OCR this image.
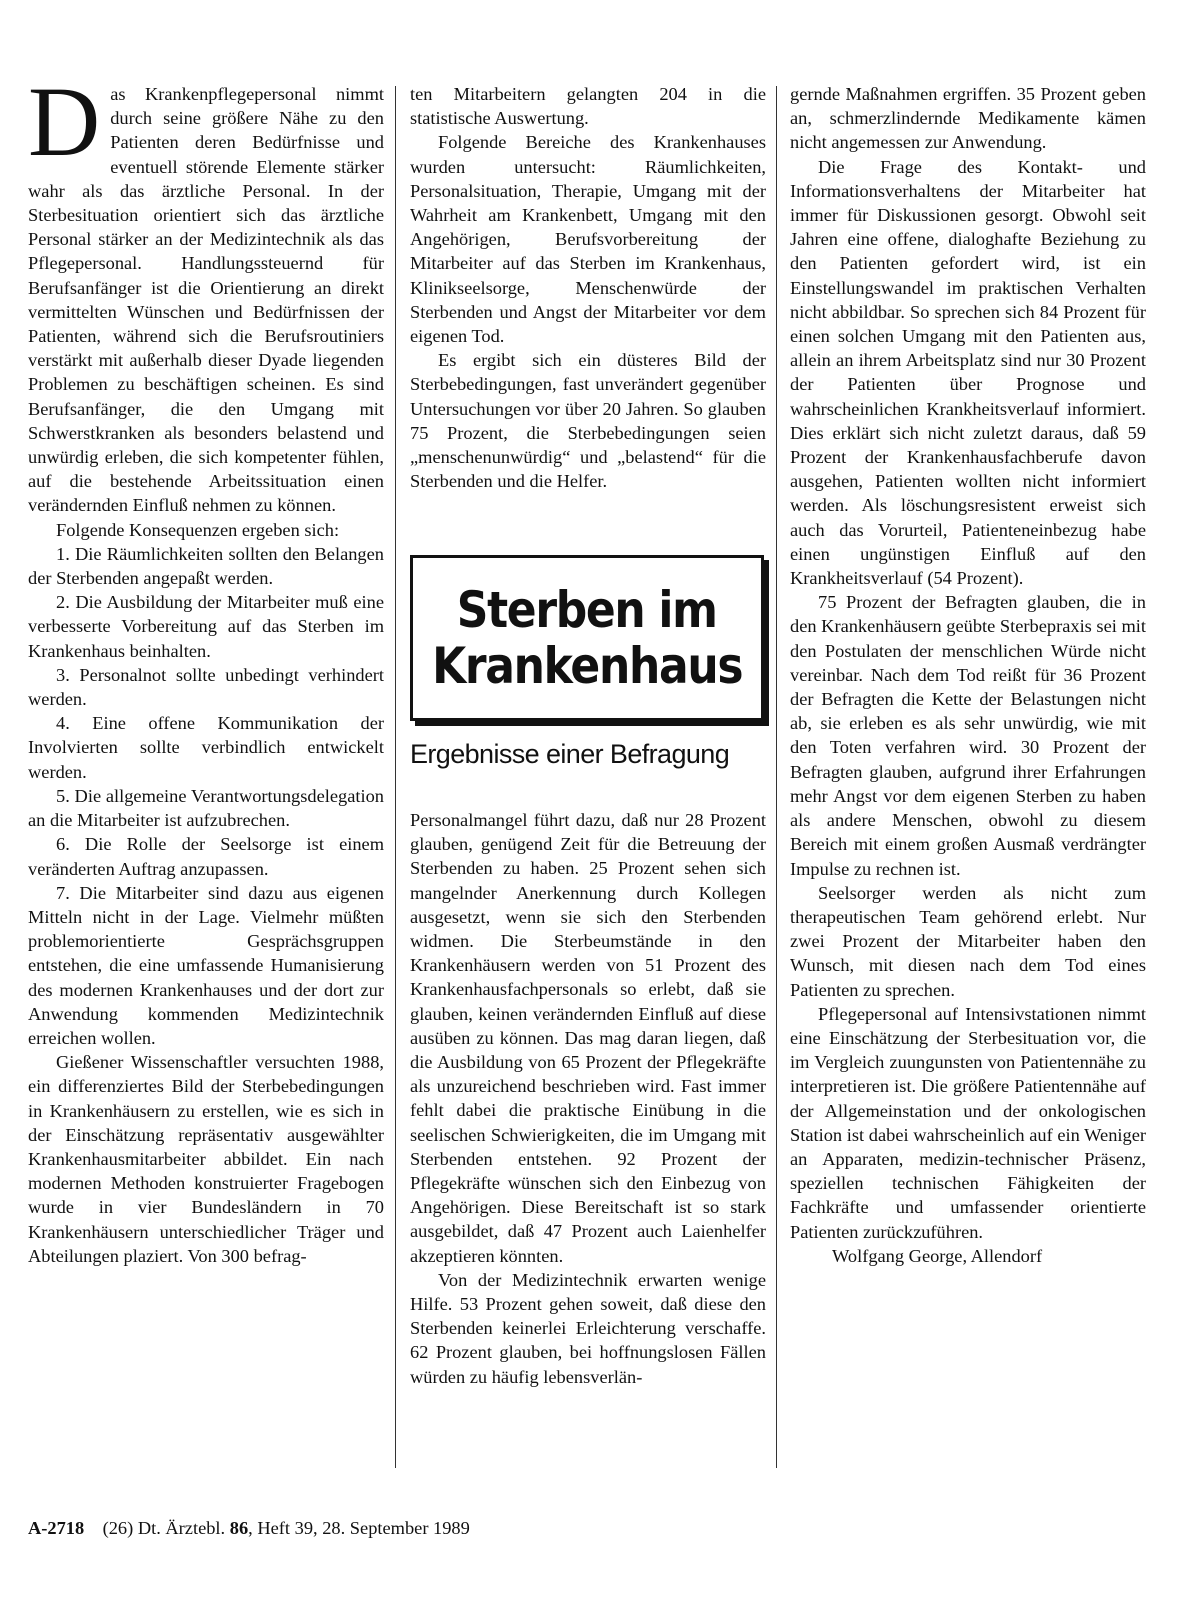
Das Krankenpflegepersonal nimmt durch seine größere Nähe zu den Patienten deren Bedürfnisse und eventuell störende Elemente stärker wahr als das ärztliche Personal. In der Sterbesituation orientiert sich das ärztliche Personal stärker an der Medizintechnik als das Pflegepersonal. Handlungssteuernd für Berufsanfänger ist die Orientierung an direkt vermittelten Wünschen und Bedürfnissen der Patienten, während sich die Berufsroutiniers verstärkt mit außerhalb dieser Dyade liegenden Problemen zu beschäftigen scheinen. Es sind Berufsanfänger, die den Umgang mit Schwerstkranken als besonders belastend und unwürdig erleben, die sich kompetenter fühlen, auf die bestehende Arbeitssituation einen verändernden Einfluß nehmen zu können.

Folgende Konsequenzen ergeben sich:

1. Die Räumlichkeiten sollten den Belangen der Sterbenden angepaßt werden.

2. Die Ausbildung der Mitarbeiter muß eine verbesserte Vorbereitung auf das Sterben im Krankenhaus beinhalten.

3. Personalnot sollte unbedingt verhindert werden.

4. Eine offene Kommunikation der Involvierten sollte verbindlich entwickelt werden.

5. Die allgemeine Verantwortungsdelegation an die Mitarbeiter ist aufzubrechen.

6. Die Rolle der Seelsorge ist einem veränderten Auftrag anzupassen.

7. Die Mitarbeiter sind dazu aus eigenen Mitteln nicht in der Lage. Vielmehr müßten problemorientierte Gesprächsgruppen entstehen, die eine umfassende Humanisierung des modernen Krankenhauses und der dort zur Anwendung kommenden Medizintechnik erreichen wollen.

Gießener Wissenschaftler versuchten 1988, ein differenziertes Bild der Sterbebedingungen in Krankenhäusern zu erstellen, wie es sich in der Einschätzung repräsentativ ausgewählter Krankenhausmitarbeiter abbildet. Ein nach modernen Methoden konstruierter Fragebogen wurde in vier Bundesländern in 70 Krankenhäusern unterschiedlicher Träger und Abteilungen plaziert. Von 300 befrag-

ten Mitarbeitern gelangten 204 in die statistische Auswertung.

Folgende Bereiche des Krankenhauses wurden untersucht: Räumlichkeiten, Personalsituation, Therapie, Umgang mit der Wahrheit am Krankenbett, Umgang mit den Angehörigen, Berufsvorbereitung der Mitarbeiter auf das Sterben im Krankenhaus, Klinikseelsorge, Menschenwürde der Sterbenden und Angst der Mitarbeiter vor dem eigenen Tod.

Es ergibt sich ein düsteres Bild der Sterbebedingungen, fast unverändert gegenüber Untersuchungen vor über 20 Jahren. So glauben 75 Prozent, die Sterbebedingungen seien „menschenunwürdig“ und „belastend“ für die Sterbenden und die Helfer.

Sterben im
Krankenhaus
Ergebnisse einer Befragung

Personalmangel führt dazu, daß nur 28 Prozent glauben, genügend Zeit für die Betreuung der Sterbenden zu haben. 25 Prozent sehen sich mangelnder Anerkennung durch Kollegen ausgesetzt, wenn sie sich den Sterbenden widmen. Die Sterbeumstände in den Krankenhäusern werden von 51 Prozent des Krankenhausfachpersonals so erlebt, daß sie glauben, keinen verändernden Einfluß auf diese ausüben zu können. Das mag daran liegen, daß die Ausbildung von 65 Prozent der Pflegekräfte als unzureichend beschrieben wird. Fast immer fehlt dabei die praktische Einübung in die seelischen Schwierigkeiten, die im Umgang mit Sterbenden entstehen. 92 Prozent der Pflegekräfte wünschen sich den Einbezug von Angehörigen. Diese Bereitschaft ist so stark ausgebildet, daß 47 Prozent auch Laienhelfer akzeptieren könnten.

Von der Medizintechnik erwarten wenige Hilfe. 53 Prozent gehen soweit, daß diese den Sterbenden keinerlei Erleichterung verschaffe. 62 Prozent glauben, bei hoffnungslosen Fällen würden zu häufig lebensverlän-

gernde Maßnahmen ergriffen. 35 Prozent geben an, schmerzlindernde Medikamente kämen nicht angemessen zur Anwendung.

Die Frage des Kontakt- und Informationsverhaltens der Mitarbeiter hat immer für Diskussionen gesorgt. Obwohl seit Jahren eine offene, dialoghafte Beziehung zu den Patienten gefordert wird, ist ein Einstellungswandel im praktischen Verhalten nicht abbildbar. So sprechen sich 84 Prozent für einen solchen Umgang mit den Patienten aus, allein an ihrem Arbeitsplatz sind nur 30 Prozent der Patienten über Prognose und wahrscheinlichen Krankheitsverlauf informiert. Dies erklärt sich nicht zuletzt daraus, daß 59 Prozent der Krankenhausfachberufe davon ausgehen, Patienten wollten nicht informiert werden. Als löschungsresistent erweist sich auch das Vorurteil, Patienteneinbezug habe einen ungünstigen Einfluß auf den Krankheitsverlauf (54 Prozent).

75 Prozent der Befragten glauben, die in den Krankenhäusern geübte Sterbepraxis sei mit den Postulaten der menschlichen Würde nicht vereinbar. Nach dem Tod reißt für 36 Prozent der Befragten die Kette der Belastungen nicht ab, sie erleben es als sehr unwürdig, wie mit den Toten verfahren wird. 30 Prozent der Befragten glauben, aufgrund ihrer Erfahrungen mehr Angst vor dem eigenen Sterben zu haben als andere Menschen, obwohl zu diesem Bereich mit einem großen Ausmaß verdrängter Impulse zu rechnen ist.

Seelsorger werden als nicht zum therapeutischen Team gehörend erlebt. Nur zwei Prozent der Mitarbeiter haben den Wunsch, mit diesen nach dem Tod eines Patienten zu sprechen.

Pflegepersonal auf Intensivstationen nimmt eine Einschätzung der Sterbesituation vor, die im Vergleich zuungunsten von Patientennähe zu interpretieren ist. Die größere Patientennähe auf der Allgemeinstation und der onkologischen Station ist dabei wahrscheinlich auf ein Weniger an Apparaten, medizin-technischer Präsenz, speziellen technischen Fähigkeiten der Fachkräfte und umfassender orientierte Patienten zurückzuführen.

Wolfgang George, Allendorf

A-2718 (26) Dt. Ärztebl. 86, Heft 39, 28. September 1989
